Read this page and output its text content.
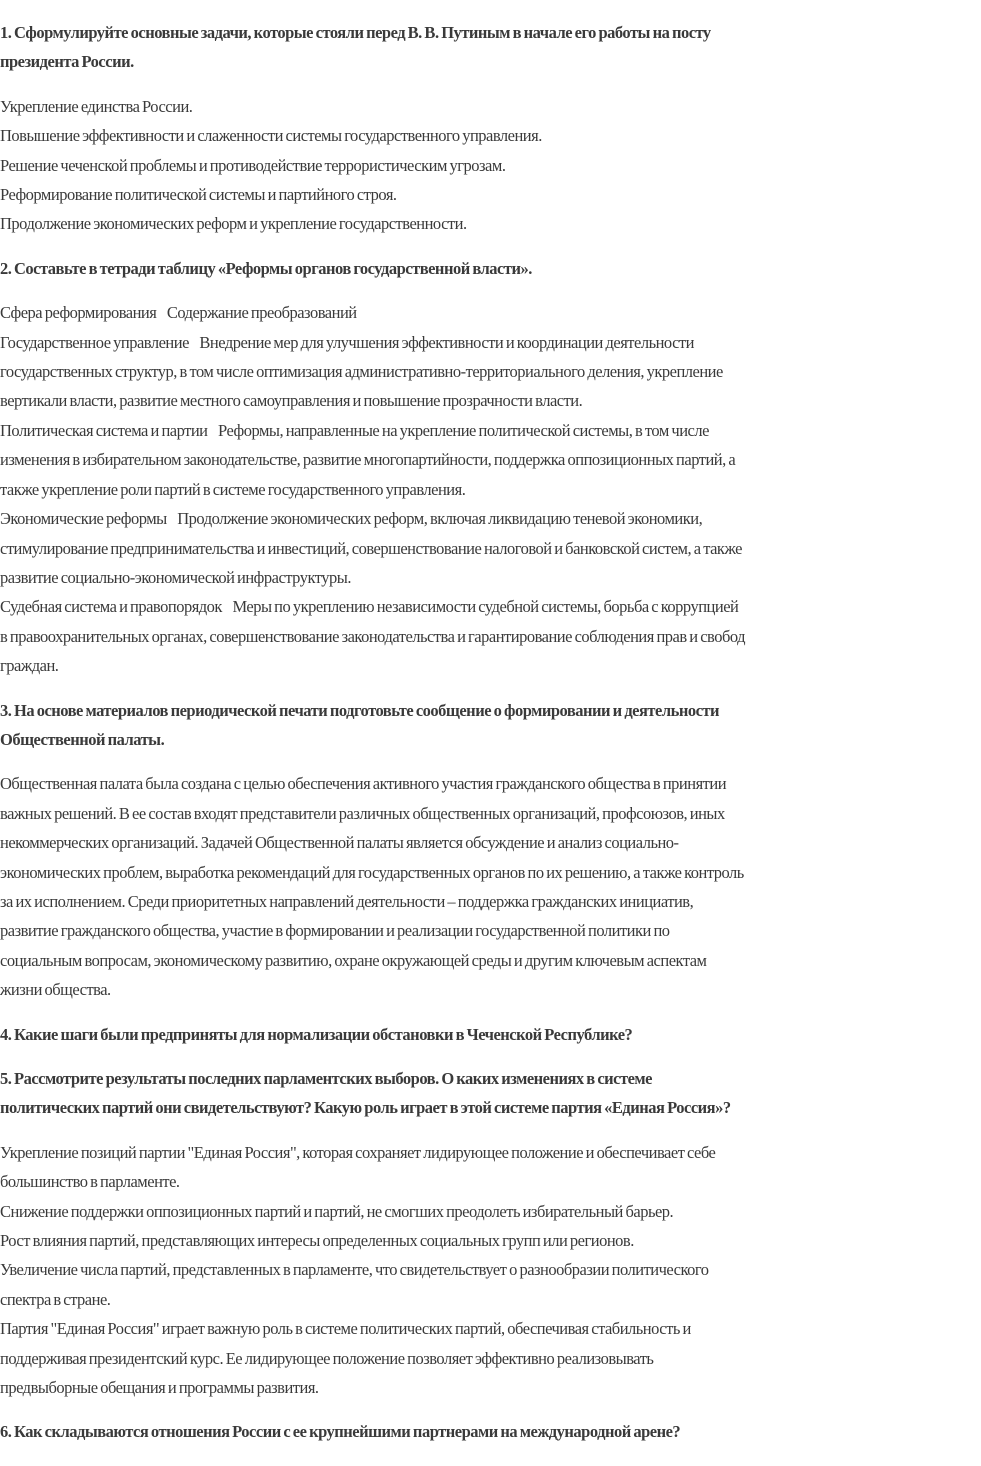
1. Сформулируйте основные задачи, которые стояли перед В. В. Путиным в начале его работы на посту
президента России.
Укрепление единства России.
Повышение эффективности и слаженности системы государственного управления.
Решение чеченской проблемы и противодействие террористическим угрозам.
Реформирование политической системы и партийного строя.
Продолжение экономических реформ и укрепление государственности.
2. Составьте в тетради таблицу «Реформы органов государственной власти».
Сфера реформирования    Содержание преобразований
Государственное управление    Внедрение мер для улучшения эффективности и координации деятельности
государственных структур, в том числе оптимизация административно-территориального деления, укрепление
вертикали власти, развитие местного самоуправления и повышение прозрачности власти.
Политическая система и партии    Реформы, направленные на укрепление политической системы, в том числе
изменения в избирательном законодательстве, развитие многопартийности, поддержка оппозиционных партий, а
также укрепление роли партий в системе государственного управления.
Экономические реформы    Продолжение экономических реформ, включая ликвидацию теневой экономики,
стимулирование предпринимательства и инвестиций, совершенствование налоговой и банковской систем, а также
развитие социально-экономической инфраструктуры.
Судебная система и правопорядок    Меры по укреплению независимости судебной системы, борьба с коррупцией
в правоохранительных органах, совершенствование законодательства и гарантирование соблюдения прав и свобод
граждан.
3. На основе материалов периодической печати подготовьте сообщение о формировании и деятельности
Общественной палаты.
Общественная палата была создана с целью обеспечения активного участия гражданского общества в принятии
важных решений. В ее состав входят представители различных общественных организаций, профсоюзов, иных
некоммерческих организаций. Задачей Общественной палаты является обсуждение и анализ социально-
экономических проблем, выработка рекомендаций для государственных органов по их решению, а также контроль
за их исполнением. Среди приоритетных направлений деятельности – поддержка гражданских инициатив,
развитие гражданского общества, участие в формировании и реализации государственной политики по
социальным вопросам, экономическому развитию, охране окружающей среды и другим ключевым аспектам
жизни общества.
4. Какие шаги были предприняты для нормализации обстановки в Чеченской Республике?
5. Рассмотрите результаты последних парламентских выборов. О каких изменениях в системе
политических партий они свидетельствуют? Какую роль играет в этой системе партия «Единая Россия»?
Укрепление позиций партии "Единая Россия", которая сохраняет лидирующее положение и обеспечивает себе
большинство в парламенте.
Снижение поддержки оппозиционных партий и партий, не смогших преодолеть избирательный барьер.
Рост влияния партий, представляющих интересы определенных социальных групп или регионов.
Увеличение числа партий, представленных в парламенте, что свидетельствует о разнообразии политического
спектра в стране.
Партия "Единая Россия" играет важную роль в системе политических партий, обеспечивая стабильность и
поддерживая президентский курс. Ее лидирующее положение позволяет эффективно реализовывать
предвыборные обещания и программы развития.
6. Как складываются отношения России с ее крупнейшими партнерами на международной арене?
